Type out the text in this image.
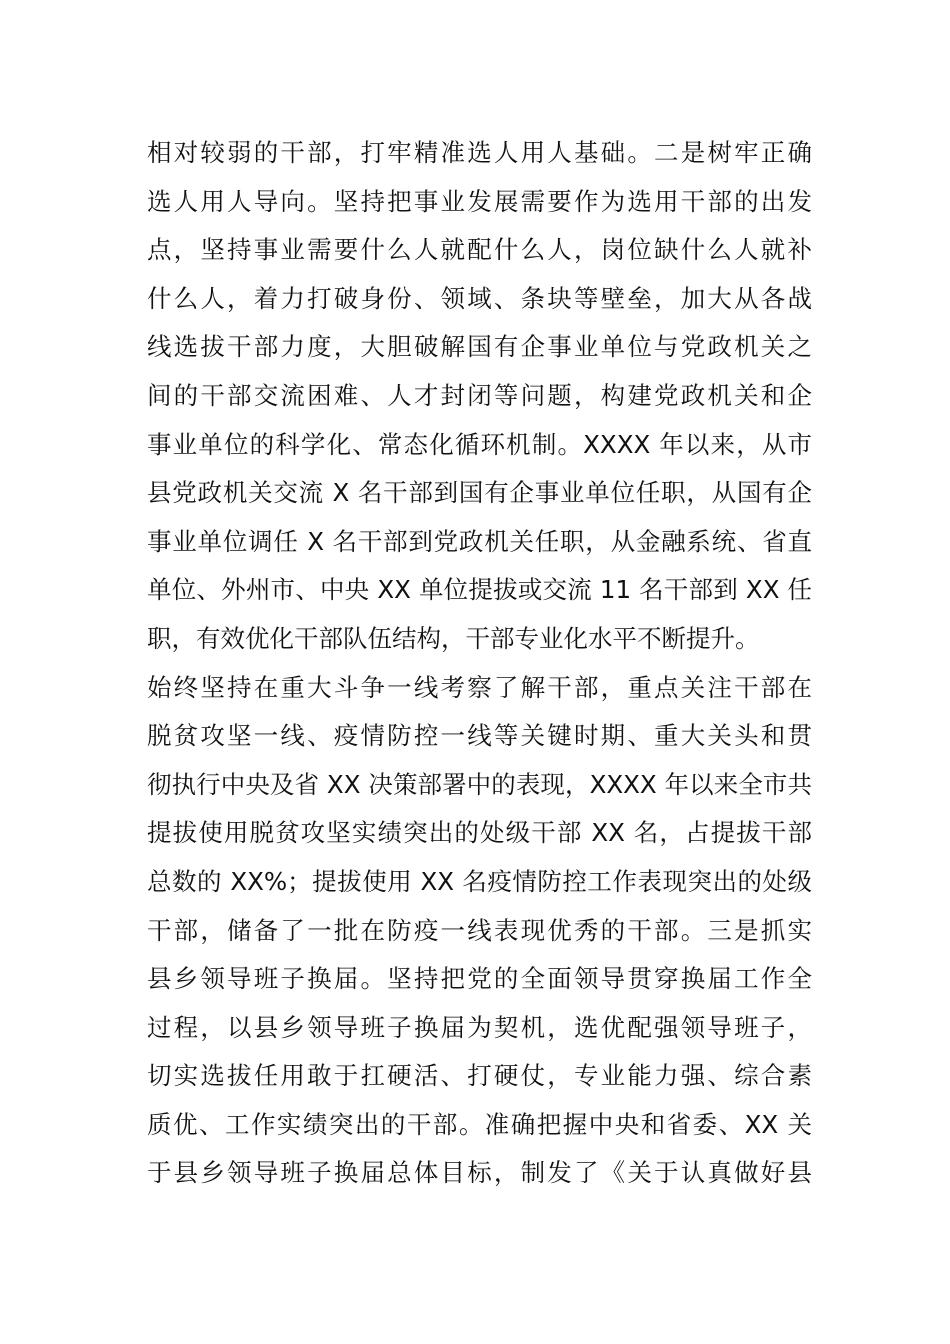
相对较弱的干部，打牢精准选人用人基础。二是树牢正确
选人用人导向。坚持把事业发展需要作为选用干部的出发
点，坚持事业需要什么人就配什么人，岗位缺什么人就补
什么人，着力打破身份、领域、条块等壁垒，加大从各战
线选拔干部力度，大胆破解国有企事业单位与党政机关之
间的干部交流困难、人才封闭等问题，构建党政机关和企
事业单位的科学化、常态化循环机制。XXXX 年以来，从市
县党政机关交流 X 名干部到国有企事业单位任职，从国有企
事业单位调任 X 名干部到党政机关任职，从金融系统、省直
单位、外州市、中央 XX 单位提拔或交流 11 名干部到 XX 任
职，有效优化干部队伍结构，干部专业化水平不断提升。
始终坚持在重大斗争一线考察了解干部，重点关注干部在
脱贫攻坚一线、疫情防控一线等关键时期、重大关头和贯
彻执行中央及省 XX 决策部署中的表现，XXXX 年以来全市共
提拔使用脱贫攻坚实绩突出的处级干部 XX 名，占提拔干部
总数的 XX%；提拔使用 XX 名疫情防控工作表现突出的处级
干部，储备了一批在防疫一线表现优秀的干部。三是抓实
县乡领导班子换届。坚持把党的全面领导贯穿换届工作全
过程，以县乡领导班子换届为契机，选优配强领导班子，
切实选拔任用敢于扛硬活、打硬仗，专业能力强、综合素
质优、工作实绩突出的干部。准确把握中央和省委、XX 关
于县乡领导班子换届总体目标，制发了《关于认真做好县
